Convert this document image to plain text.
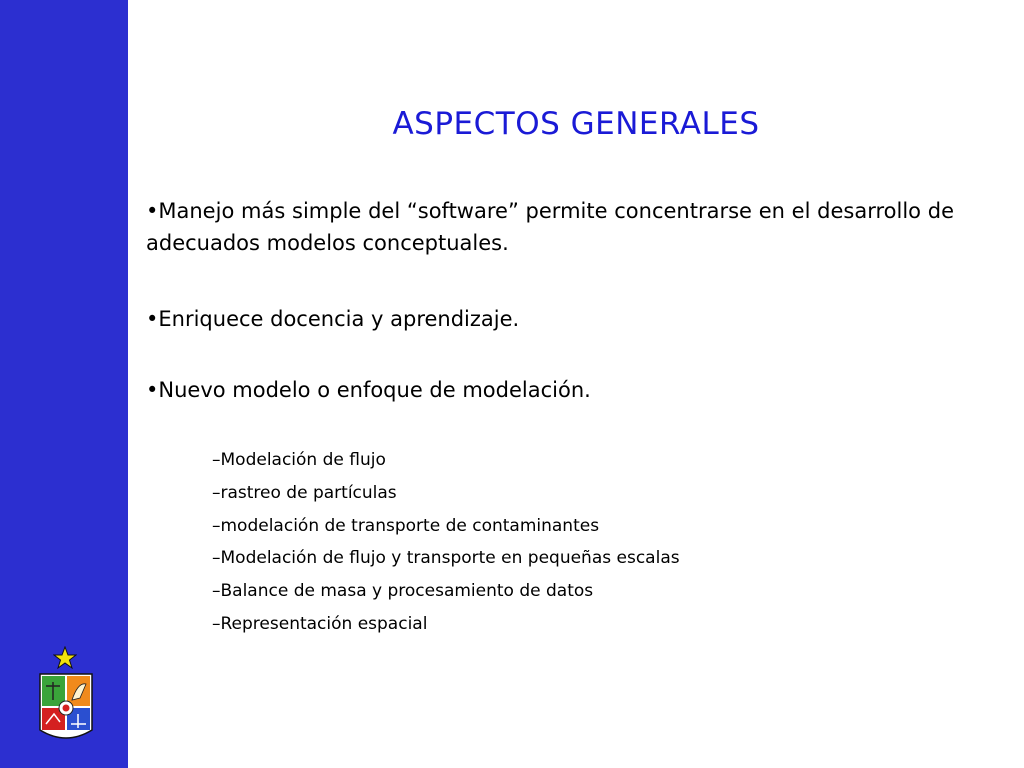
ASPECTOS GENERALES
•Manejo más simple del “software” permite concentrarse en el desarrollo de adecuados modelos conceptuales.
•Enriquece docencia y aprendizaje.
•Nuevo modelo o enfoque de modelación.
–Modelación de flujo
–rastreo de partículas
–modelación de transporte de contaminantes
–Modelación de flujo y transporte en pequeñas escalas
–Balance de masa y procesamiento de datos
–Representación espacial
